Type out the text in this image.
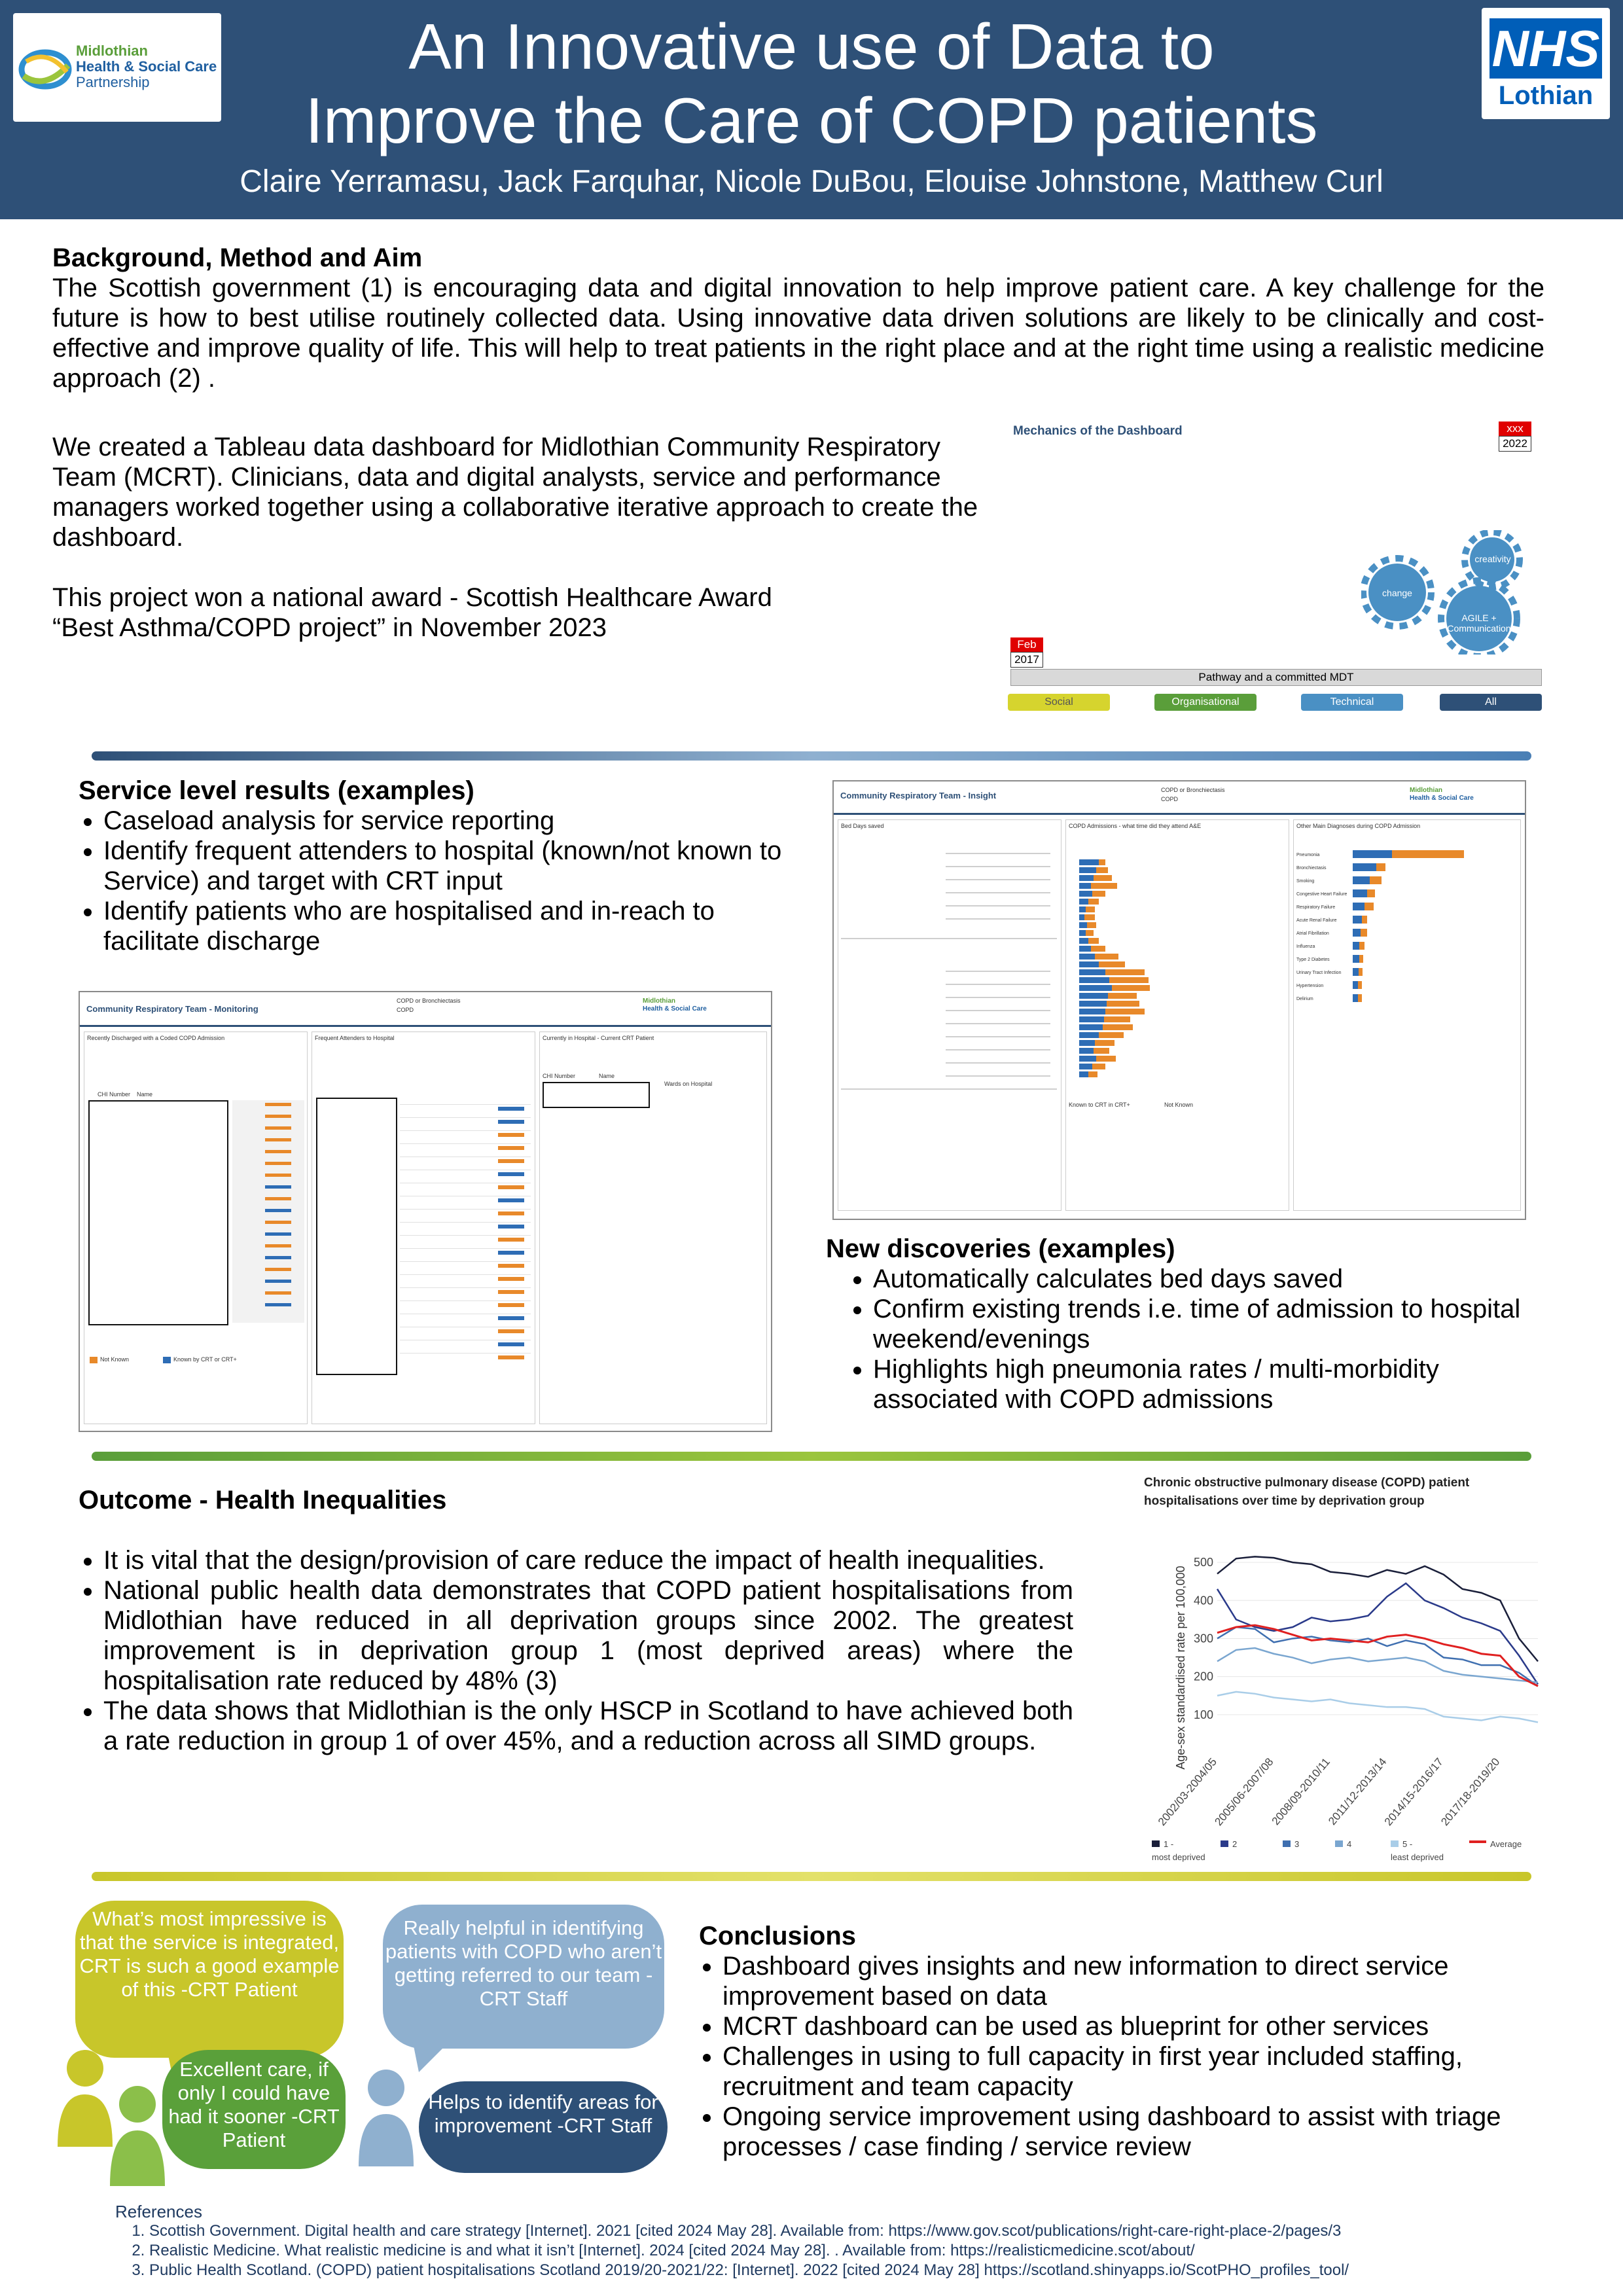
Midlothian
Health & Social Care
Partnership	An Innovative use of Data to
Improve the Care of COPD patients
Claire Yerramasu, Jack Farquhar, Nicole DuBou, Elouise Johnstone, Matthew Curl
NHS
Lothian
Background, Method and Aim
The Scottish government (1) is encouraging data and digital innovation to help improve patient care. A key challenge for the future is how to best utilise routinely collected data. Using innovative data driven solutions are likely to be clinically and cost-effective and improve quality of life. This will help to treat patients in the right place and at the right time using a realistic medicine approach (2) .
We created a Tableau data dashboard for Midlothian Community Respiratory Team (MCRT). Clinicians, data and digital analysts, service and performance managers worked together using a collaborative iterative approach to create the dashboard.
This project won a national award - Scottish Healthcare Award
“Best Asthma/COPD project” in November 2023
Mechanics of the Dashboard	Education & Development
Analytics
Informatics
Organisational 'Space'
Early Wins - Promotion
Strong Leadership
Strategic Support
Focus on Impact
Technical Infrastructure
Dedicated Staff
New MCRT (COPD) Service
Feb
2017
xxx
2022
Pathway and a committed MDT
change
creativity
AGILE + Communication
Social	Organisational	Technical	All
Service level results (examples)
• Caseload analysis for service reporting
• Identify frequent attenders to hospital (known/not known to Service) and target with CRT input
• Identify patients who are hospitalised and in-reach to facilitate discharge
Community Respiratory Team - Insight
COPD or Bronchiectasis
COPD
Midlothian
Health & Social Care
Bed Days saved	COPD Admissions - what time did they attend A&E
Known to CRT in CRT+	Not Known
Other Main Diagnoses during COPD Admission
Pneumonia
Bronchiectasis
Smoking
Congestive Heart Failure
Respiratory Failure
Acute Renal Failure
Atrial Fibrillation
Influenza
Type 2 Diabetes
Urinary Tract Infection
Hypertension
Delirium
Community Respiratory Team - Monitoring
COPD or Bronchiectasis
COPD
Midlothian
Health & Social Care
Recently Discharged with a Coded COPD Admission
CHI Number Name
Not Known	Known by CRT or CRT+
Frequent Attenders to Hospital	Currently in Hospital - Current CRT Patient
CHI Number	Name
Wards on Hospital
New discoveries (examples)
• Automatically calculates bed days saved
• Confirm existing trends i.e. time of admission to hospital weekend/evenings
• Highlights high pneumonia rates / multi-morbidity associated with COPD admissions
Outcome - Health Inequalities
• It is vital that the design/provision of care reduce the impact of health inequalities.
• National public health data demonstrates that COPD patient hospitalisations from Midlothian have reduced in all deprivation groups since 2002. The greatest improvement is in deprivation group 1 (most deprived areas) where the hospitalisation rate reduced by 48% (3)
• The data shows that Midlothian is the only HSCP in Scotland to have achieved both a rate reduction in group 1 of over 45%, and a reduction across all SIMD groups.
Chronic obstructive pulmonary disease (COPD) patient hospitalisations over time by deprivation group
Age-sex standardised rate per 100,000 100
200
300
400
500
2002/03-2004/05
2005/06-2007/08
2008/09-2010/11
2011/12-2013/14
2014/15-2016/17
2017/18-2019/20
1 -
most deprived
2	3	4	5 -
least deprived
Average
What’s most impressive is that the service is integrated, CRT is such a good example of this -CRT Patient
Really helpful in identifying patients with COPD who aren’t getting referred to our team -CRT Staff
Excellent care, if only I could have had it sooner -CRT Patient
Helps to identify areas for improvement -CRT Staff
Conclusions
• Dashboard gives insights and new information to direct service improvement based on data
• MCRT dashboard can be used as blueprint for other services
• Challenges in using to full capacity in first year included staffing, recruitment and team capacity
• Ongoing service improvement using dashboard to assist with triage processes / case finding / service review
References
1. Scottish Government. Digital health and care strategy [Internet]. 2021 [cited 2024 May 28]. Available from: https://www.gov.scot/publications/right-care-right-place-2/pages/3
2. Realistic Medicine. What realistic medicine is and what it isn’t [Internet]. 2024 [cited 2024 May 28]. . Available from: https://realisticmedicine.scot/about/
3. Public Health Scotland. (COPD) patient hospitalisations Scotland 2019/20-2021/22: [Internet]. 2022 [cited 2024 May 28] https://scotland.shinyapps.io/ScotPHO_profiles_tool/
